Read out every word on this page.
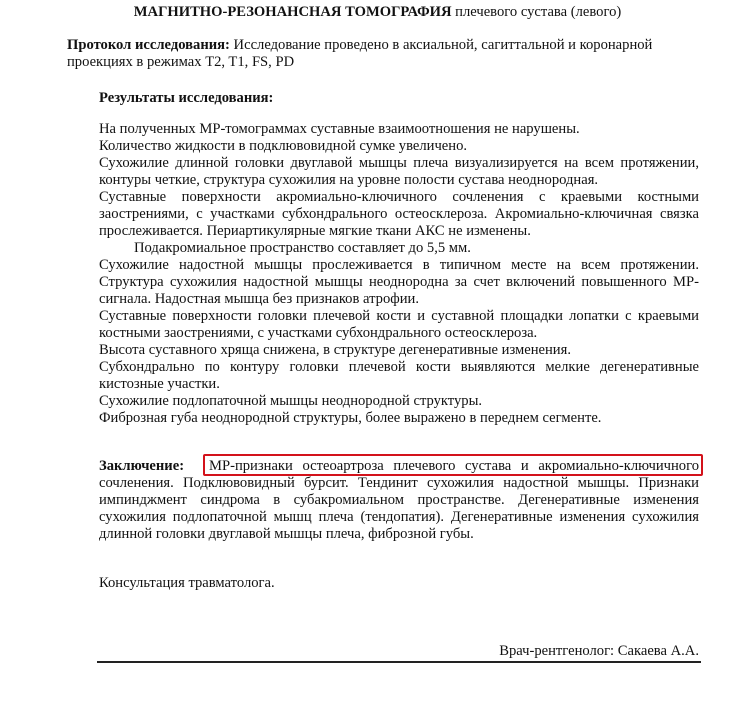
МАГНИТНО-РЕЗОНАНСНАЯ ТОМОГРАФИЯ плечевого сустава (левого)
Протокол исследования: Исследование проведено в аксиальной, сагиттальной и коронарной проекциях в режимах T2, T1, FS, PD
Результаты исследования:
На полученных МР-томограммах суставные взаимоотношения не нарушены.
Количество жидкости в подклювовидной сумке увеличено.
Сухожилие длинной головки двуглавой мышцы плеча визуализируется на всем протяжении, контуры четкие, структура сухожилия на уровне полости сустава неоднородная.
Суставные поверхности акромиально-ключичного сочленения с краевыми костными заострениями, с участками субхондрального остеосклероза. Акромиально-ключичная связка прослеживается. Периартикулярные мягкие ткани АКС не изменены.
Подакромиальное пространство составляет до 5,5 мм.
Сухожилие надостной мышцы прослеживается в типичном месте на всем протяжении. Структура сухожилия надостной мышцы неоднородна за счет включений повышенного МР-сигнала. Надостная мышца без признаков атрофии.
Суставные поверхности головки плечевой кости и суставной площадки лопатки с краевыми костными заострениями, с участками субхондрального остеосклероза.
Высота суставного хряща снижена, в структуре дегенеративные изменения.
Субхондрально по контуру головки плечевой кости выявляются мелкие дегенеративные кистозные участки.
Сухожилие подлопаточной мышцы неоднородной структуры.
Фиброзная губа неоднородной структуры, более выражено в переднем сегменте.
Заключение: МР-признаки остеоартроза плечевого сустава и акромиально-ключичного сочленения. Подклювовидный бурсит. Тендинит сухожилия надостной мышцы. Признаки импинджмент синдрома в субакромиальном пространстве. Дегенеративные изменения сухожилия подлопаточной мышц плеча (тендопатия). Дегенеративные изменения сухожилия длинной головки двуглавой мышцы плеча, фиброзной губы.
Консультация травматолога.
Врач-рентгенолог: Сакаева А.А.
